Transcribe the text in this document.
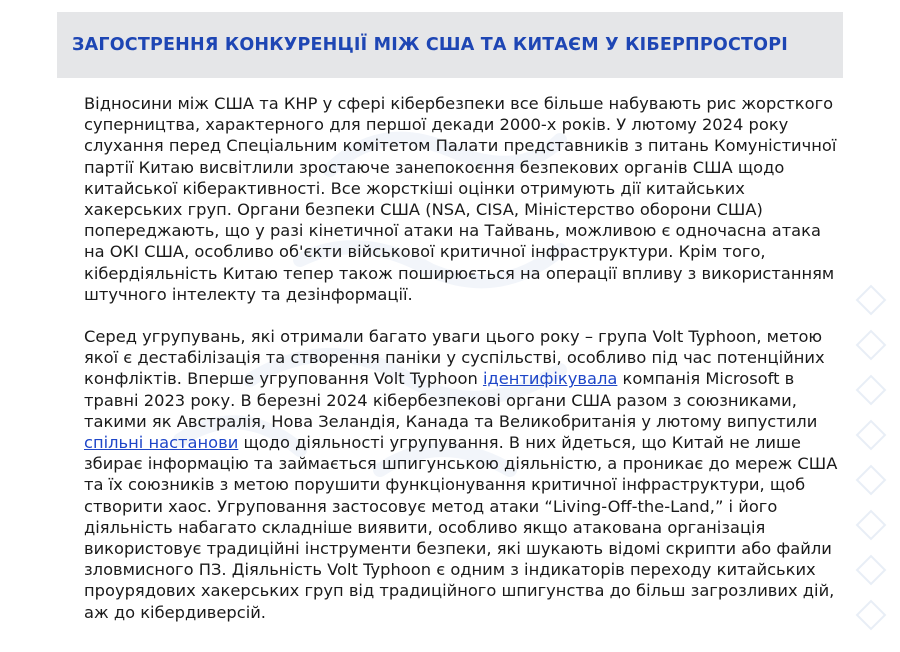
ЗАГОСТРЕННЯ КОНКУРЕНЦІЇ МІЖ США ТА КИТАЄМ У КІБЕРПРОСТОРІ

Відносини між США та КНР у сфері кібербезпеки все більше набувають рис жорсткого суперництва, характерного для першої декади 2000-х років. У лютому 2024 року слухання перед Спеціальним комітетом Палати представників з питань Комуністичної партії Китаю висвітлили зростаюче занепокоєння безпекових органів США щодо китайської кіберактивності. Все жорсткіші оцінки отримують дії китайських хакерських груп. Органи безпеки США (NSA, CISA, Міністерство оборони США) попереджають, що у разі кінетичної атаки на Тайвань, можливою є одночасна атака на ОКІ США, особливо об'єкти військової критичної інфраструктури. Крім того, кібердіяльність Китаю тепер також поширюється на операції впливу з використанням штучного інтелекту та дезінформації.

Серед угрупувань, які отримали багато уваги цього року – група Volt Typhoon, метою якої є дестабілізація та створення паніки у суспільстві, особливо під час потенційних конфліктів. Вперше угруповання Volt Typhoon ідентифікувала компанія Microsoft в травні 2023 року. В березні 2024 кібербезпекові органи США разом з союзниками, такими як Австралія, Нова Зеландія, Канада та Великобританія у лютому випустили спільні настанови щодо діяльності угрупування. В них йдеться, що Китай не лише збирає інформацію та займається шпигунською діяльністю, а проникає до мереж США та їх союзників з метою порушити функціонування критичної інфраструктури, щоб створити хаос. Угруповання застосовує метод атаки “Living-Off-the-Land,” і його діяльність набагато складніше виявити, особливо якщо атакована організація використовує традиційні інструменти безпеки, які шукають відомі скрипти або файли зловмисного ПЗ. Діяльність Volt Typhoon є одним з індикаторів переходу китайських проурядових хакерських груп від традиційного шпигунства до більш загрозливих дій, аж до кібердиверсій.
